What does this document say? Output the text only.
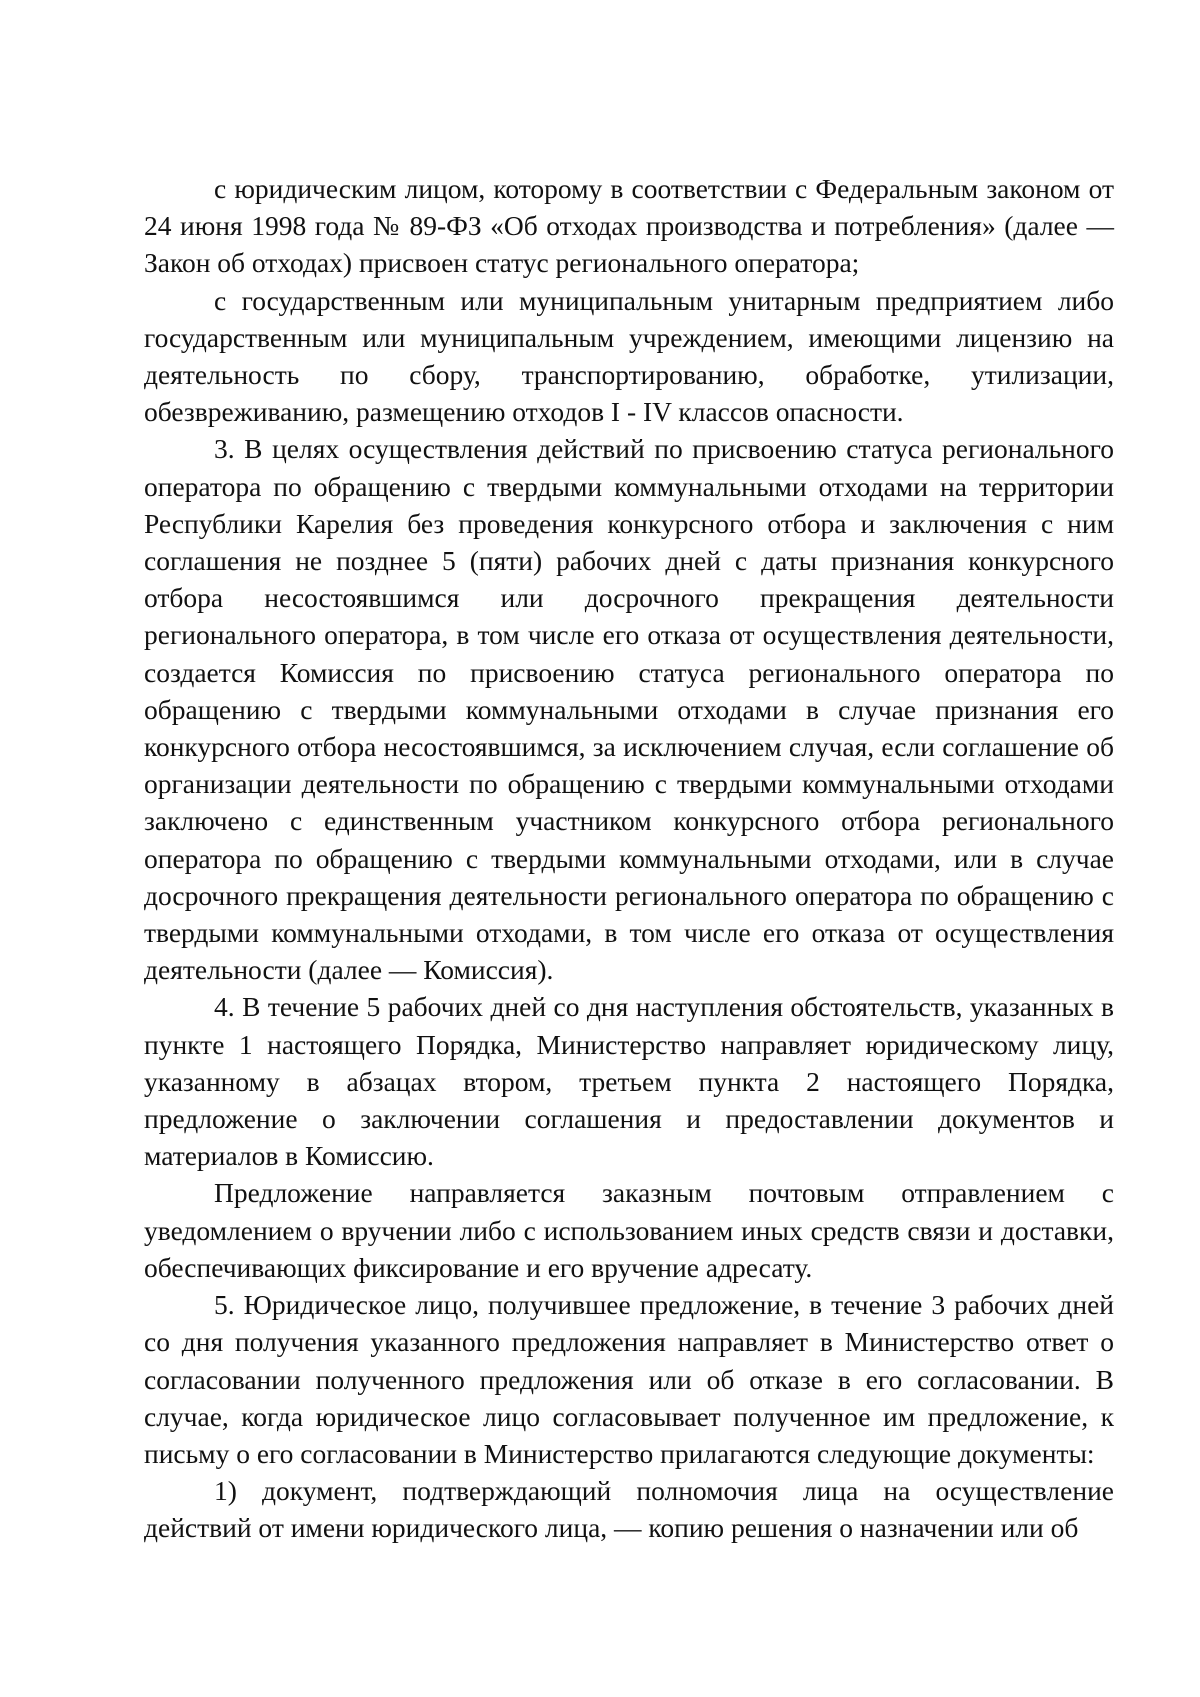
с юридическим лицом, которому в соответствии с Федеральным законом от 24 июня 1998 года № 89-ФЗ «Об отходах производства и потребления» (далее — Закон об отходах) присвоен статус регионального оператора;

с государственным или муниципальным унитарным предприятием либо государственным или муниципальным учреждением, имеющими лицензию на деятельность по сбору, транспортированию, обработке, утилизации, обезвреживанию, размещению отходов I - IV классов опасности.

3. В целях осуществления действий по присвоению статуса регионального оператора по обращению с твердыми коммунальными отходами на территории Республики Карелия без проведения конкурсного отбора и заключения с ним соглашения не позднее 5 (пяти) рабочих дней с даты признания конкурсного отбора несостоявшимся или досрочного прекращения деятельности регионального оператора, в том числе его отказа от осуществления деятельности, создается Комиссия по присвоению статуса регионального оператора по обращению с твердыми коммунальными отходами в случае признания его конкурсного отбора несостоявшимся, за исключением случая, если соглашение об организации деятельности по обращению с твердыми коммунальными отходами заключено с единственным участником конкурсного отбора регионального оператора по обращению с твердыми коммунальными отходами, или в случае досрочного прекращения деятельности регионального оператора по обращению с твердыми коммунальными отходами, в том числе его отказа от осуществления деятельности (далее — Комиссия).

4. В течение 5 рабочих дней со дня наступления обстоятельств, указанных в пункте 1 настоящего Порядка, Министерство направляет юридическому лицу, указанному в абзацах втором, третьем пункта 2 настоящего Порядка, предложение о заключении соглашения и предоставлении документов и материалов в Комиссию.

Предложение направляется заказным почтовым отправлением с уведомлением о вручении либо с использованием иных средств связи и доставки, обеспечивающих фиксирование и его вручение адресату.

5. Юридическое лицо, получившее предложение, в течение 3 рабочих дней со дня получения указанного предложения направляет в Министерство ответ о согласовании полученного предложения или об отказе в его согласовании. В случае, когда юридическое лицо согласовывает полученное им предложение, к письму о его согласовании в Министерство прилагаются следующие документы:

1) документ, подтверждающий полномочия лица на осуществление действий от имени юридического лица, — копию решения о назначении или об
